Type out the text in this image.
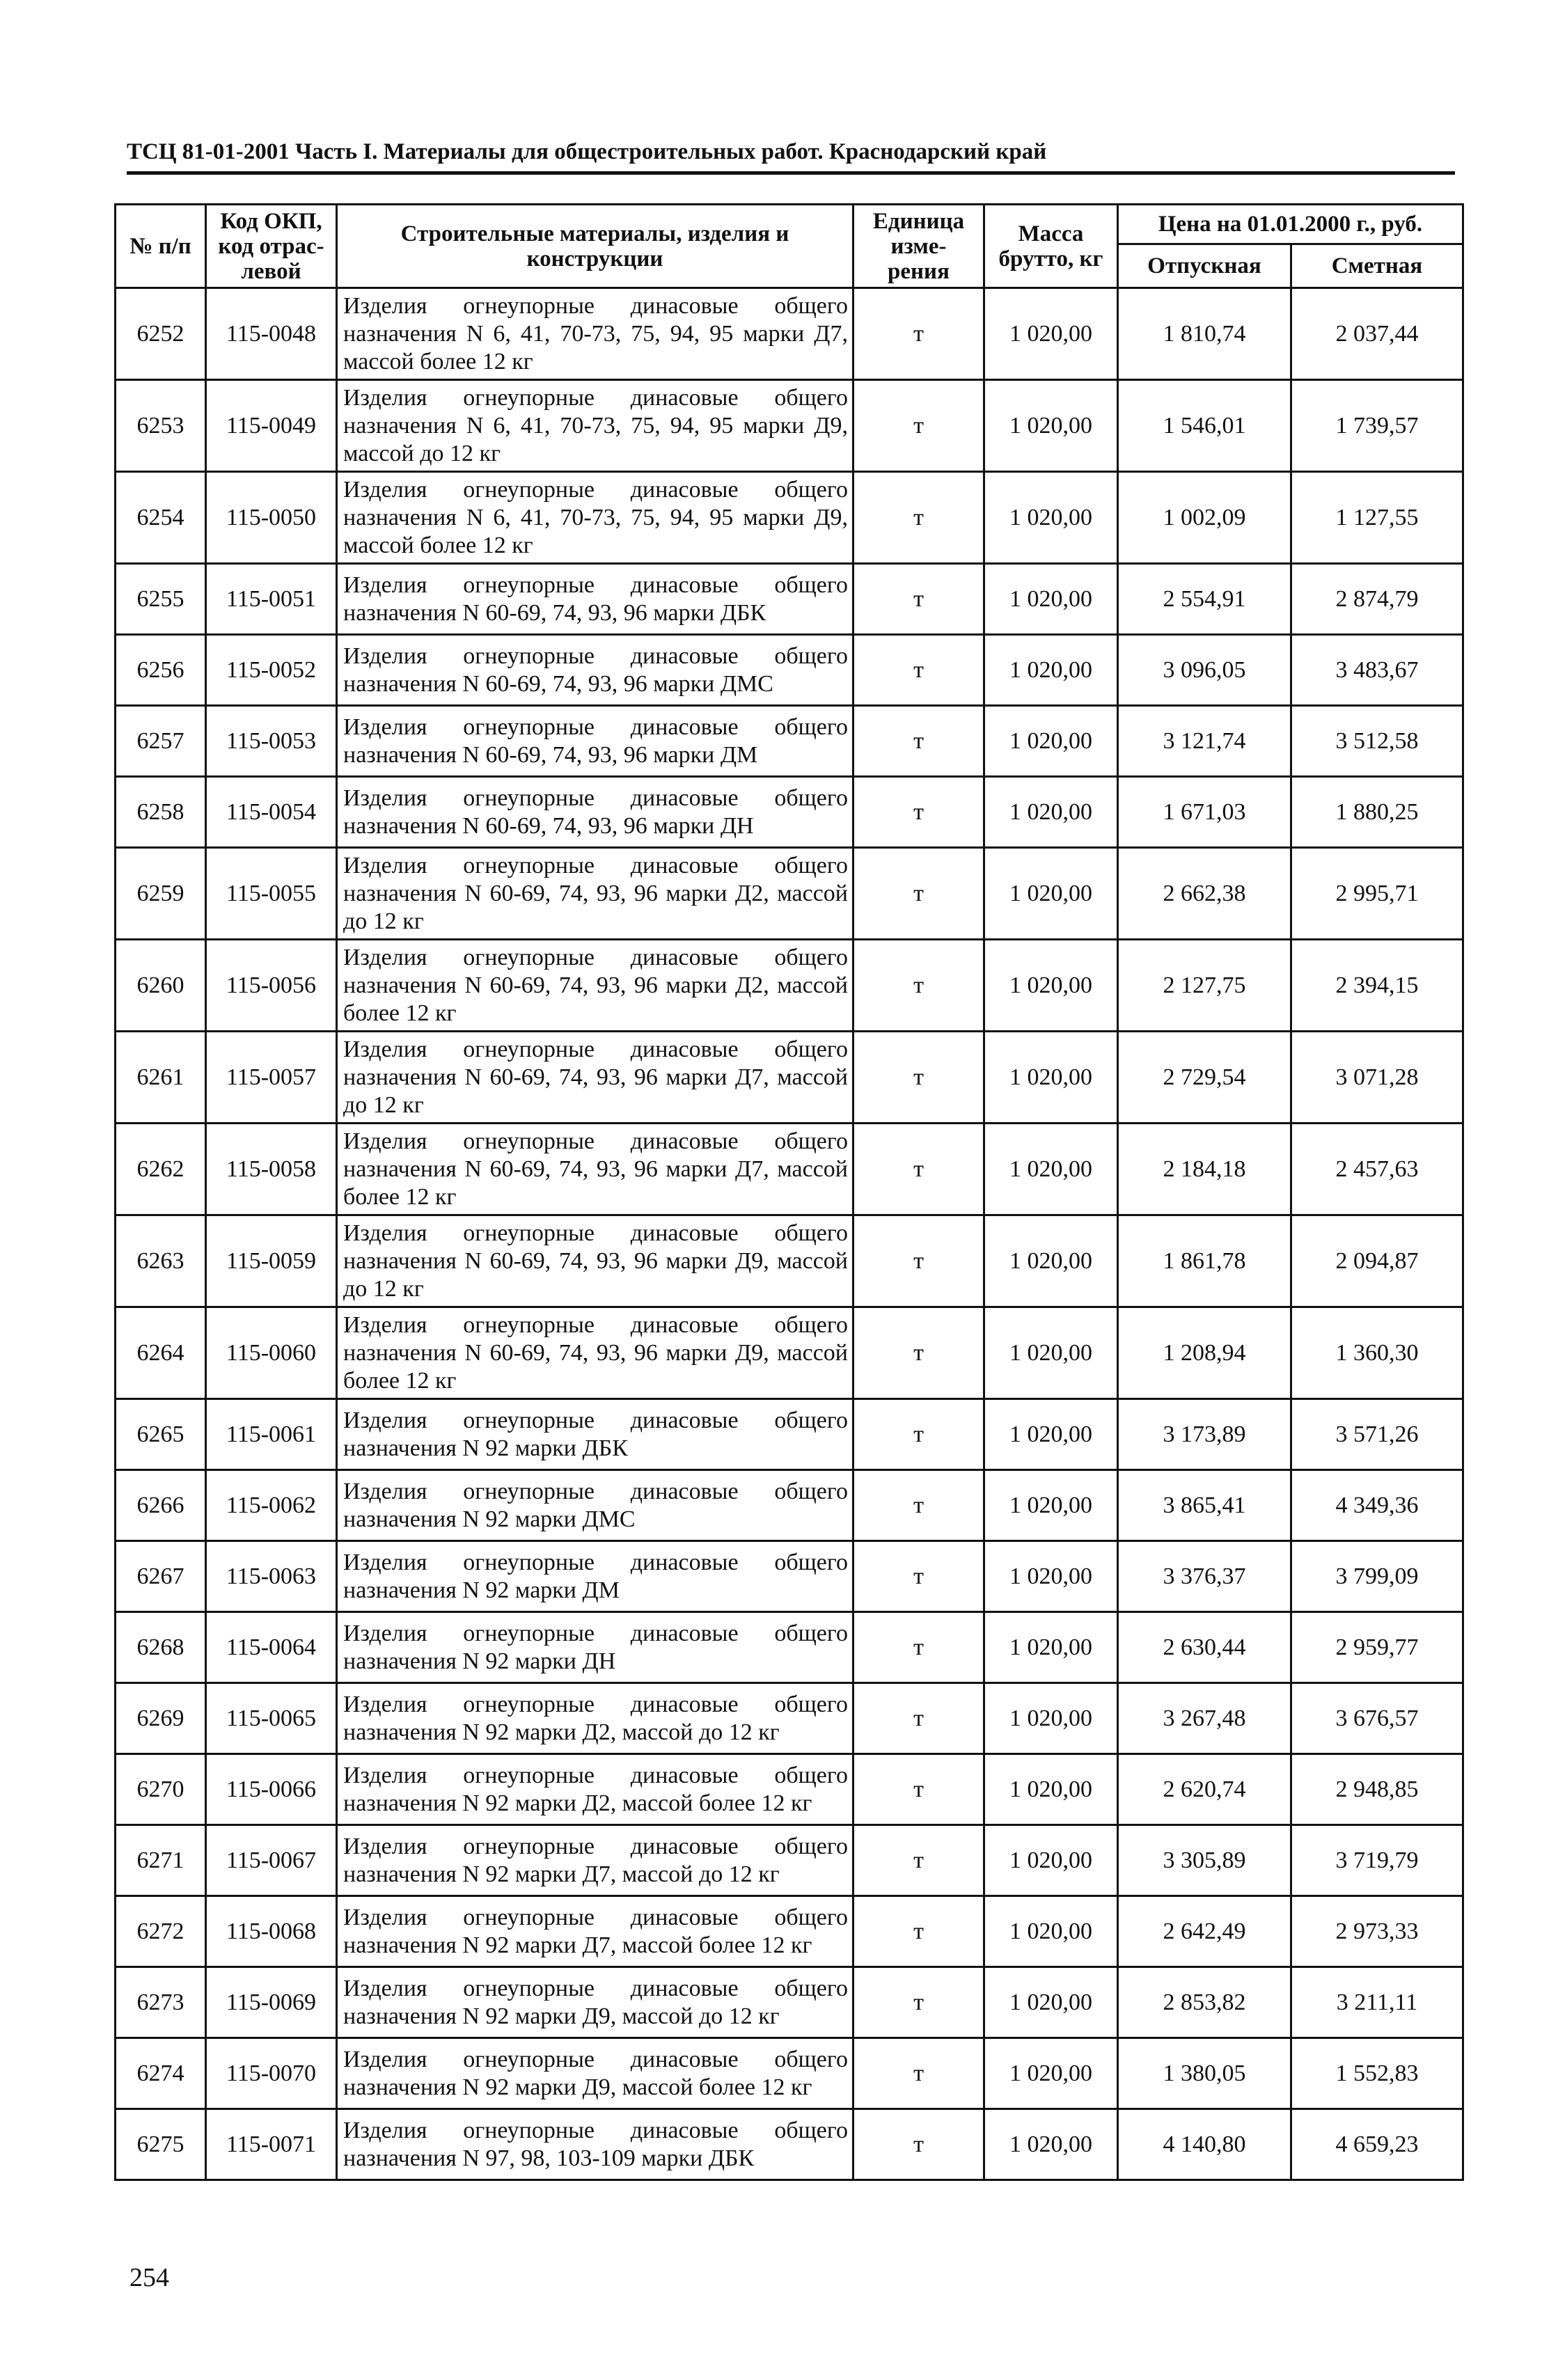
ТСЦ 81-01-2001 Часть I. Материалы для общестроительных работ. Краснодарский край
№ п/п	Код ОКП, код отрас-левой	Строительные материалы, изделия и конструкции	Единица изме-рения	Масса брутто, кг	Цена на 01.01.2000 г., руб.	
					Отпускная	Сметная
6252	115-0048	Изделия огнеупорные динасовые общего назначения N 6, 41, 70-73, 75, 94, 95 марки Д7, массой более 12 кг	т	1 020,00	1 810,74	2 037,44
6253	115-0049	Изделия огнеупорные динасовые общего назначения N 6, 41, 70-73, 75, 94, 95 марки Д9, массой до 12 кг	т	1 020,00	1 546,01	1 739,57
6254	115-0050	Изделия огнеупорные динасовые общего назначения N 6, 41, 70-73, 75, 94, 95 марки Д9, массой более 12 кг	т	1 020,00	1 002,09	1 127,55
6255	115-0051	Изделия огнеупорные динасовые общего назначения N 60-69, 74, 93, 96 марки ДБК	т	1 020,00	2 554,91	2 874,79
6256	115-0052	Изделия огнеупорные динасовые общего назначения N 60-69, 74, 93, 96 марки ДМС	т	1 020,00	3 096,05	3 483,67
6257	115-0053	Изделия огнеупорные динасовые общего назначения N 60-69, 74, 93, 96 марки ДМ	т	1 020,00	3 121,74	3 512,58
6258	115-0054	Изделия огнеупорные динасовые общего назначения N 60-69, 74, 93, 96 марки ДН	т	1 020,00	1 671,03	1 880,25
6259	115-0055	Изделия огнеупорные динасовые общего назначения N 60-69, 74, 93, 96 марки Д2, массой до 12 кг	т	1 020,00	2 662,38	2 995,71
6260	115-0056	Изделия огнеупорные динасовые общего назначения N 60-69, 74, 93, 96 марки Д2, массой более 12 кг	т	1 020,00	2 127,75	2 394,15
6261	115-0057	Изделия огнеупорные динасовые общего назначения N 60-69, 74, 93, 96 марки Д7, массой до 12 кг	т	1 020,00	2 729,54	3 071,28
6262	115-0058	Изделия огнеупорные динасовые общего назначения N 60-69, 74, 93, 96 марки Д7, массой более 12 кг	т	1 020,00	2 184,18	2 457,63
6263	115-0059	Изделия огнеупорные динасовые общего назначения N 60-69, 74, 93, 96 марки Д9, массой до 12 кг	т	1 020,00	1 861,78	2 094,87
6264	115-0060	Изделия огнеупорные динасовые общего назначения N 60-69, 74, 93, 96 марки Д9, массой более 12 кг	т	1 020,00	1 208,94	1 360,30
6265	115-0061	Изделия огнеупорные динасовые общего назначения N 92 марки ДБК	т	1 020,00	3 173,89	3 571,26
6266	115-0062	Изделия огнеупорные динасовые общего назначения N 92 марки ДМС	т	1 020,00	3 865,41	4 349,36
6267	115-0063	Изделия огнеупорные динасовые общего назначения N 92 марки ДМ	т	1 020,00	3 376,37	3 799,09
6268	115-0064	Изделия огнеупорные динасовые общего назначения N 92 марки ДН	т	1 020,00	2 630,44	2 959,77
6269	115-0065	Изделия огнеупорные динасовые общего назначения N 92 марки Д2, массой до 12 кг	т	1 020,00	3 267,48	3 676,57
6270	115-0066	Изделия огнеупорные динасовые общего назначения N 92 марки Д2, массой более 12 кг	т	1 020,00	2 620,74	2 948,85
6271	115-0067	Изделия огнеупорные динасовые общего назначения N 92 марки Д7, массой до 12 кг	т	1 020,00	3 305,89	3 719,79
6272	115-0068	Изделия огнеупорные динасовые общего назначения N 92 марки Д7, массой более 12 кг	т	1 020,00	2 642,49	2 973,33
6273	115-0069	Изделия огнеупорные динасовые общего назначения N 92 марки Д9, массой до 12 кг	т	1 020,00	2 853,82	3 211,11
6274	115-0070	Изделия огнеупорные динасовые общего назначения N 92 марки Д9, массой более 12 кг	т	1 020,00	1 380,05	1 552,83
6275	115-0071	Изделия огнеупорные динасовые общего назначения N 97, 98, 103-109 марки ДБК	т	1 020,00	4 140,80	4 659,23
254
